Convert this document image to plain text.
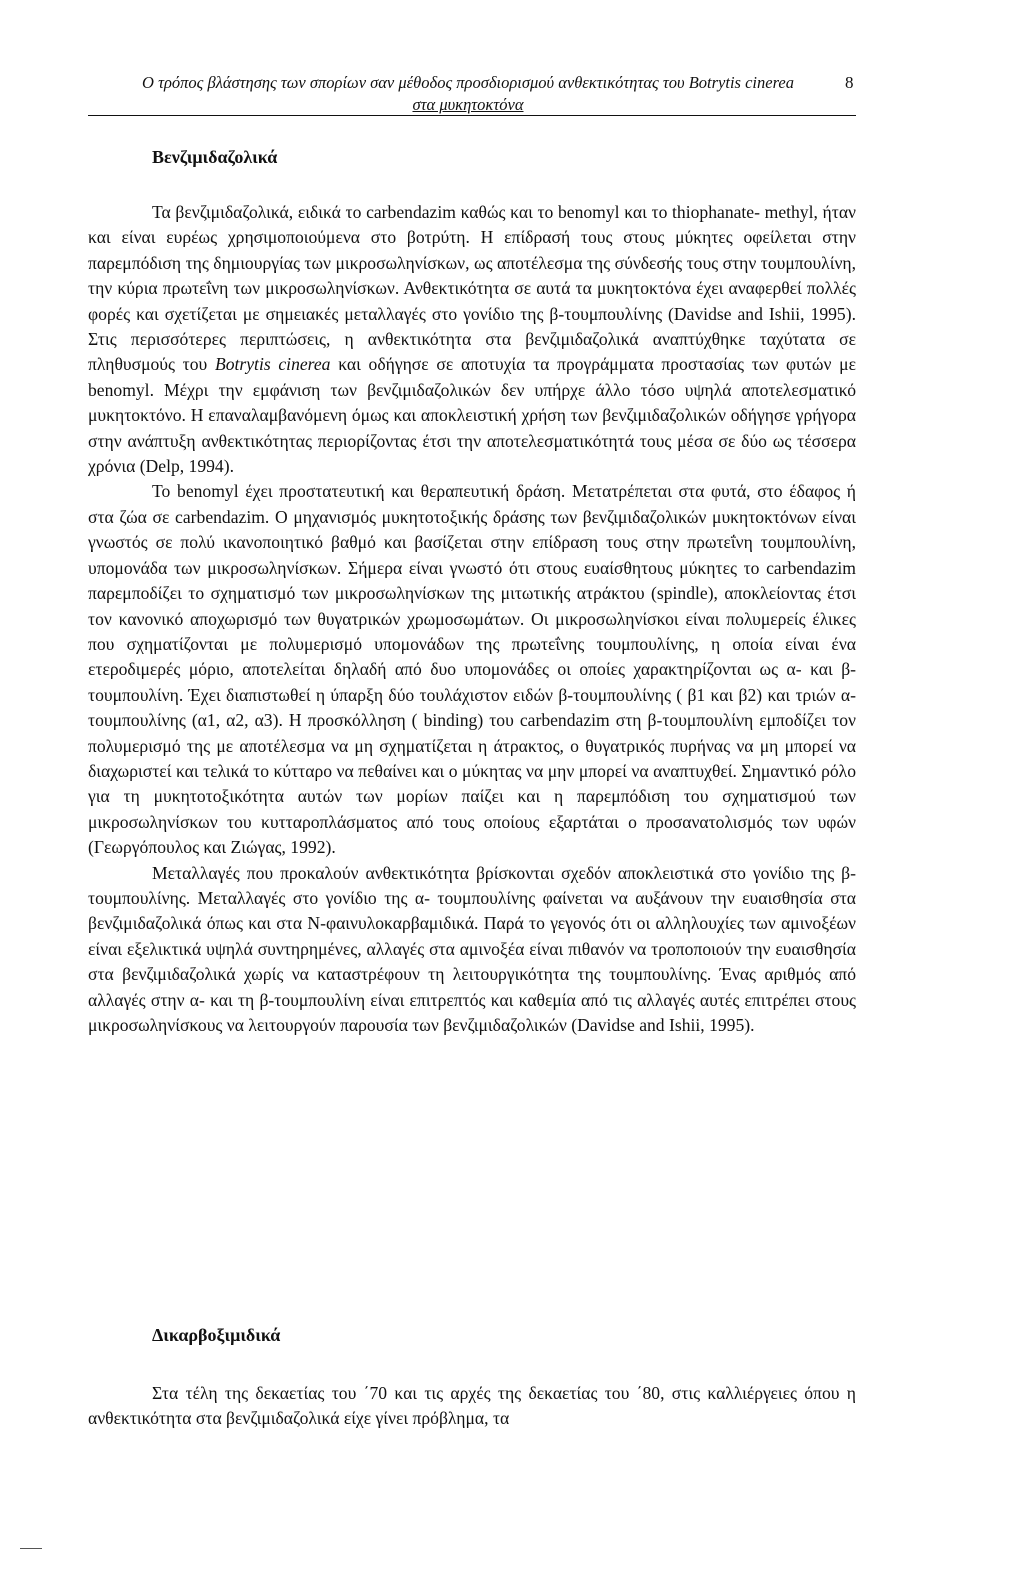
Ο τρόπος βλάστησης των σπορίων σαν μέθοδος προσδιορισμού ανθεκτικότητας του Botrytis cinerea
στα μυκητοκτόνα
8
Βενζιμιδαζολικά

Τα βενζιμιδαζολικά, ειδικά το carbendazim καθώς και το benomyl και το thiophanate- methyl, ήταν και είναι ευρέως χρησιμοποιούμενα στο βοτρύτη. Η επίδρασή τους στους μύκητες οφείλεται στην παρεμπόδιση της δημιουργίας των μικροσωληνίσκων, ως αποτέλεσμα της σύνδεσής τους στην τουμπουλίνη, την κύρια πρωτεΐνη των μικροσωληνίσκων. Ανθεκτικότητα σε αυτά τα μυκητοκτόνα έχει αναφερθεί πολλές φορές και σχετίζεται με σημειακές μεταλλαγές στο γονίδιο της β-τουμπουλίνης (Davidse and Ishii, 1995). Στις περισσότερες περιπτώσεις, η ανθεκτικότητα στα βενζιμιδαζολικά αναπτύχθηκε ταχύτατα σε πληθυσμούς του Botrytis cinerea και οδήγησε σε αποτυχία τα προγράμματα προστασίας των φυτών με benomyl. Μέχρι την εμφάνιση των βενζιμιδαζολικών δεν υπήρχε άλλο τόσο υψηλά αποτελεσματικό μυκητοκτόνο. Η επαναλαμβανόμενη όμως και αποκλειστική χρήση των βενζιμιδαζολικών οδήγησε γρήγορα στην ανάπτυξη ανθεκτικότητας περιορίζοντας έτσι την αποτελεσματικότητά τους μέσα σε δύο ως τέσσερα χρόνια (Delp, 1994).

Το benomyl έχει προστατευτική και θεραπευτική δράση. Μετατρέπεται στα φυτά, στο έδαφος ή στα ζώα σε carbendazim. Ο μηχανισμός μυκητοτοξικής δράσης των βενζιμιδαζολικών μυκητοκτόνων είναι γνωστός σε πολύ ικανοποιητικό βαθμό και βασίζεται στην επίδραση τους στην πρωτεΐνη τουμπουλίνη, υπομονάδα των μικροσωληνίσκων. Σήμερα είναι γνωστό ότι στους ευαίσθητους μύκητες το carbendazim παρεμποδίζει το σχηματισμό των μικροσωληνίσκων της μιτωτικής ατράκτου (spindle), αποκλείοντας έτσι τον κανονικό αποχωρισμό των θυγατρικών χρωμοσωμάτων. Οι μικροσωληνίσκοι είναι πολυμερείς έλικες που σχηματίζονται με πολυμερισμό υπομονάδων της πρωτεΐνης τουμπουλίνης, η οποία είναι ένα ετεροδιμερές μόριο, αποτελείται δηλαδή από δυο υπομονάδες οι οποίες χαρακτηρίζονται ως α- και β- τουμπουλίνη. Έχει διαπιστωθεί η ύπαρξη δύο τουλάχιστον ειδών β-τουμπουλίνης ( β1 και β2) και τριών α-τουμπουλίνης (α1, α2, α3). Η προσκόλληση ( binding) του carbendazim στη β-τουμπουλίνη εμποδίζει τον πολυμερισμό της με αποτέλεσμα να μη σχηματίζεται η άτρακτος, ο θυγατρικός πυρήνας να μη μπορεί να διαχωριστεί και τελικά το κύτταρο να πεθαίνει και ο μύκητας να μην μπορεί να αναπτυχθεί. Σημαντικό ρόλο για τη μυκητοτοξικότητα αυτών των μορίων παίζει και η παρεμπόδιση του σχηματισμού των μικροσωληνίσκων του κυτταροπλάσματος από τους οποίους εξαρτάται ο προσανατολισμός των υφών (Γεωργόπουλος και Ζιώγας, 1992).

Μεταλλαγές που προκαλούν ανθεκτικότητα βρίσκονται σχεδόν αποκλειστικά στο γονίδιο της β- τουμπουλίνης. Μεταλλαγές στο γονίδιο της α- τουμπουλίνης φαίνεται να αυξάνουν την ευαισθησία στα βενζιμιδαζολικά όπως και στα N-φαινυλοκαρβαμιδικά. Παρά το γεγονός ότι οι αλληλουχίες των αμινοξέων είναι εξελικτικά υψηλά συντηρημένες, αλλαγές στα αμινοξέα είναι πιθανόν να τροποποιούν την ευαισθησία στα βενζιμιδαζολικά χωρίς να καταστρέφουν τη λειτουργικότητα της τουμπουλίνης. Ένας αριθμός από αλλαγές στην α- και τη β-τουμπουλίνη είναι επιτρεπτός και καθεμία από τις αλλαγές αυτές επιτρέπει στους μικροσωληνίσκους να λειτουργούν παρουσία των βενζιμιδαζολικών (Davidse and Ishii, 1995).

Δικαρβοξιμιδικά

Στα τέλη της δεκαετίας του ΄70 και τις αρχές της δεκαετίας του ΄80, στις καλλιέργειες όπου η ανθεκτικότητα στα βενζιμιδαζολικά είχε γίνει πρόβλημα, τα
